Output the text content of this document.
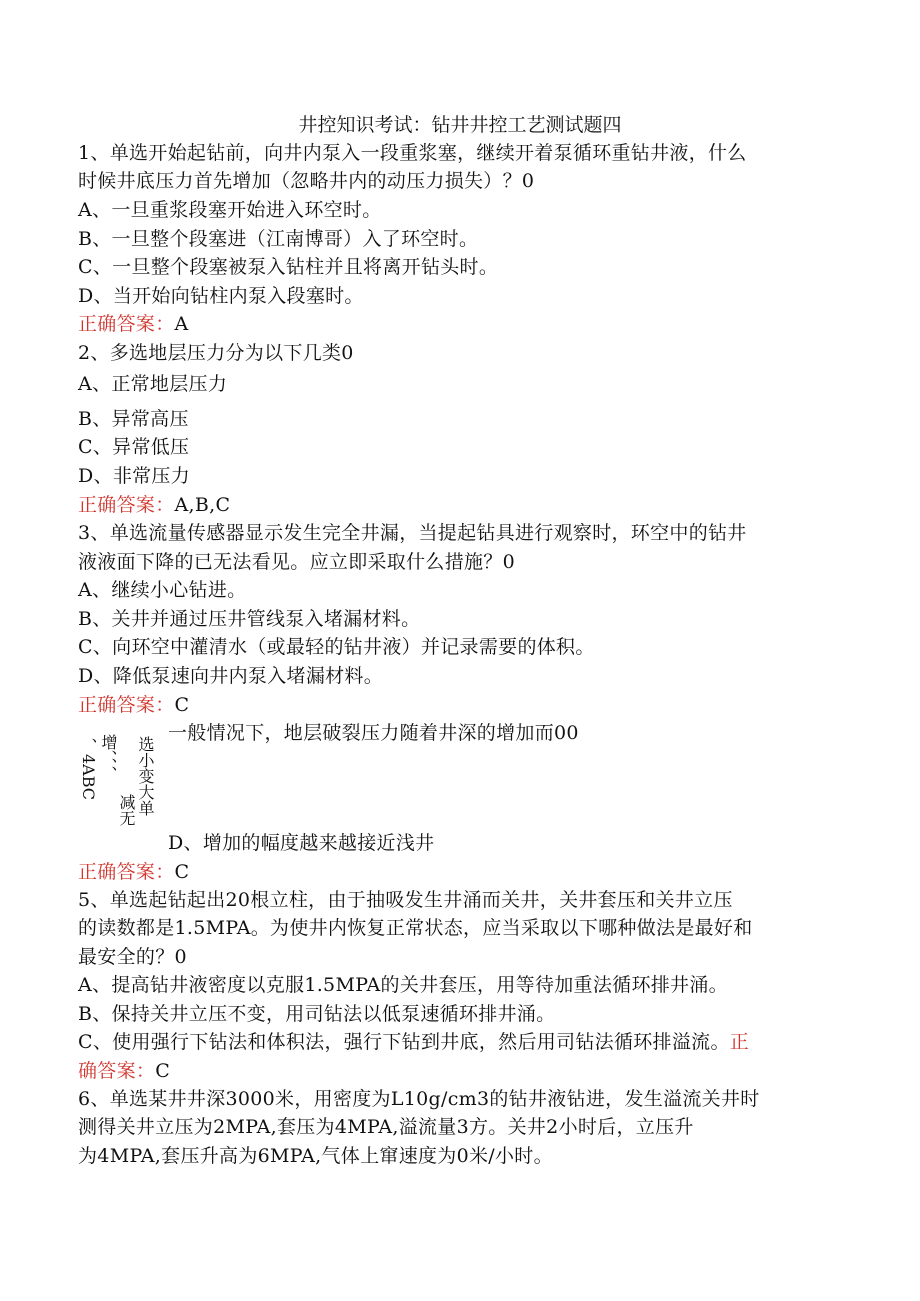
井控知识考试：钻井井控工艺测试题四
1、单选开始起钻前，向井内泵入一段重浆塞，继续开着泵循环重钻井液，什么
时候井底压力首先增加（忽略井内的动压力损失）？0
A、一旦重浆段塞开始进入环空时。
B、一旦整个段塞进（江南博哥）入了环空时。
C、一旦整个段塞被泵入钻柱并且将离开钻头时。
D、当开始向钻柱内泵入段塞时。
正确答案：A
2、多选地层压力分为以下几类0
A、正常地层压力
B、异常高压
C、异常低压
D、非常压力
正确答案：A,B,C
3、单选流量传感器显示发生完全井漏，当提起钻具进行观察时，环空中的钻井
液液面下降的已无法看见。应立即采取什么措施？0
A、继续小心钻进。
B、关井并通过压井管线泵入堵漏材料。
C、向环空中灌清水（或最轻的钻井液）并记录需要的体积。
D、降低泵速向井内泵入堵漏材料。
正确答案：C
一般情况下，地层破裂压力随着井深的增加而00
、4ABC 增、、、
减无 选小变大单
D、增加的幅度越来越接近浅井
正确答案：C
5、单选起钻起出20根立柱，由于抽吸发生井涌而关井，关井套压和关井立压
的读数都是1.5MPA。为使井内恢复正常状态，应当采取以下哪种做法是最好和
最安全的？0
A、提高钻井液密度以克服1.5MPA的关井套压，用等待加重法循环排井涌。
B、保持关井立压不变，用司钻法以低泵速循环排井涌。
C、使用强行下钻法和体积法，强行下钻到井底，然后用司钻法循环排溢流。正
确答案：C
6、单选某井井深3000米，用密度为L10g/cm3的钻井液钻进，发生溢流关井时
测得关井立压为2MPA,套压为4MPA,溢流量3方。关井2小时后，立压升
为4MPA,套压升高为6MPA,气体上窜速度为0米/小时。
